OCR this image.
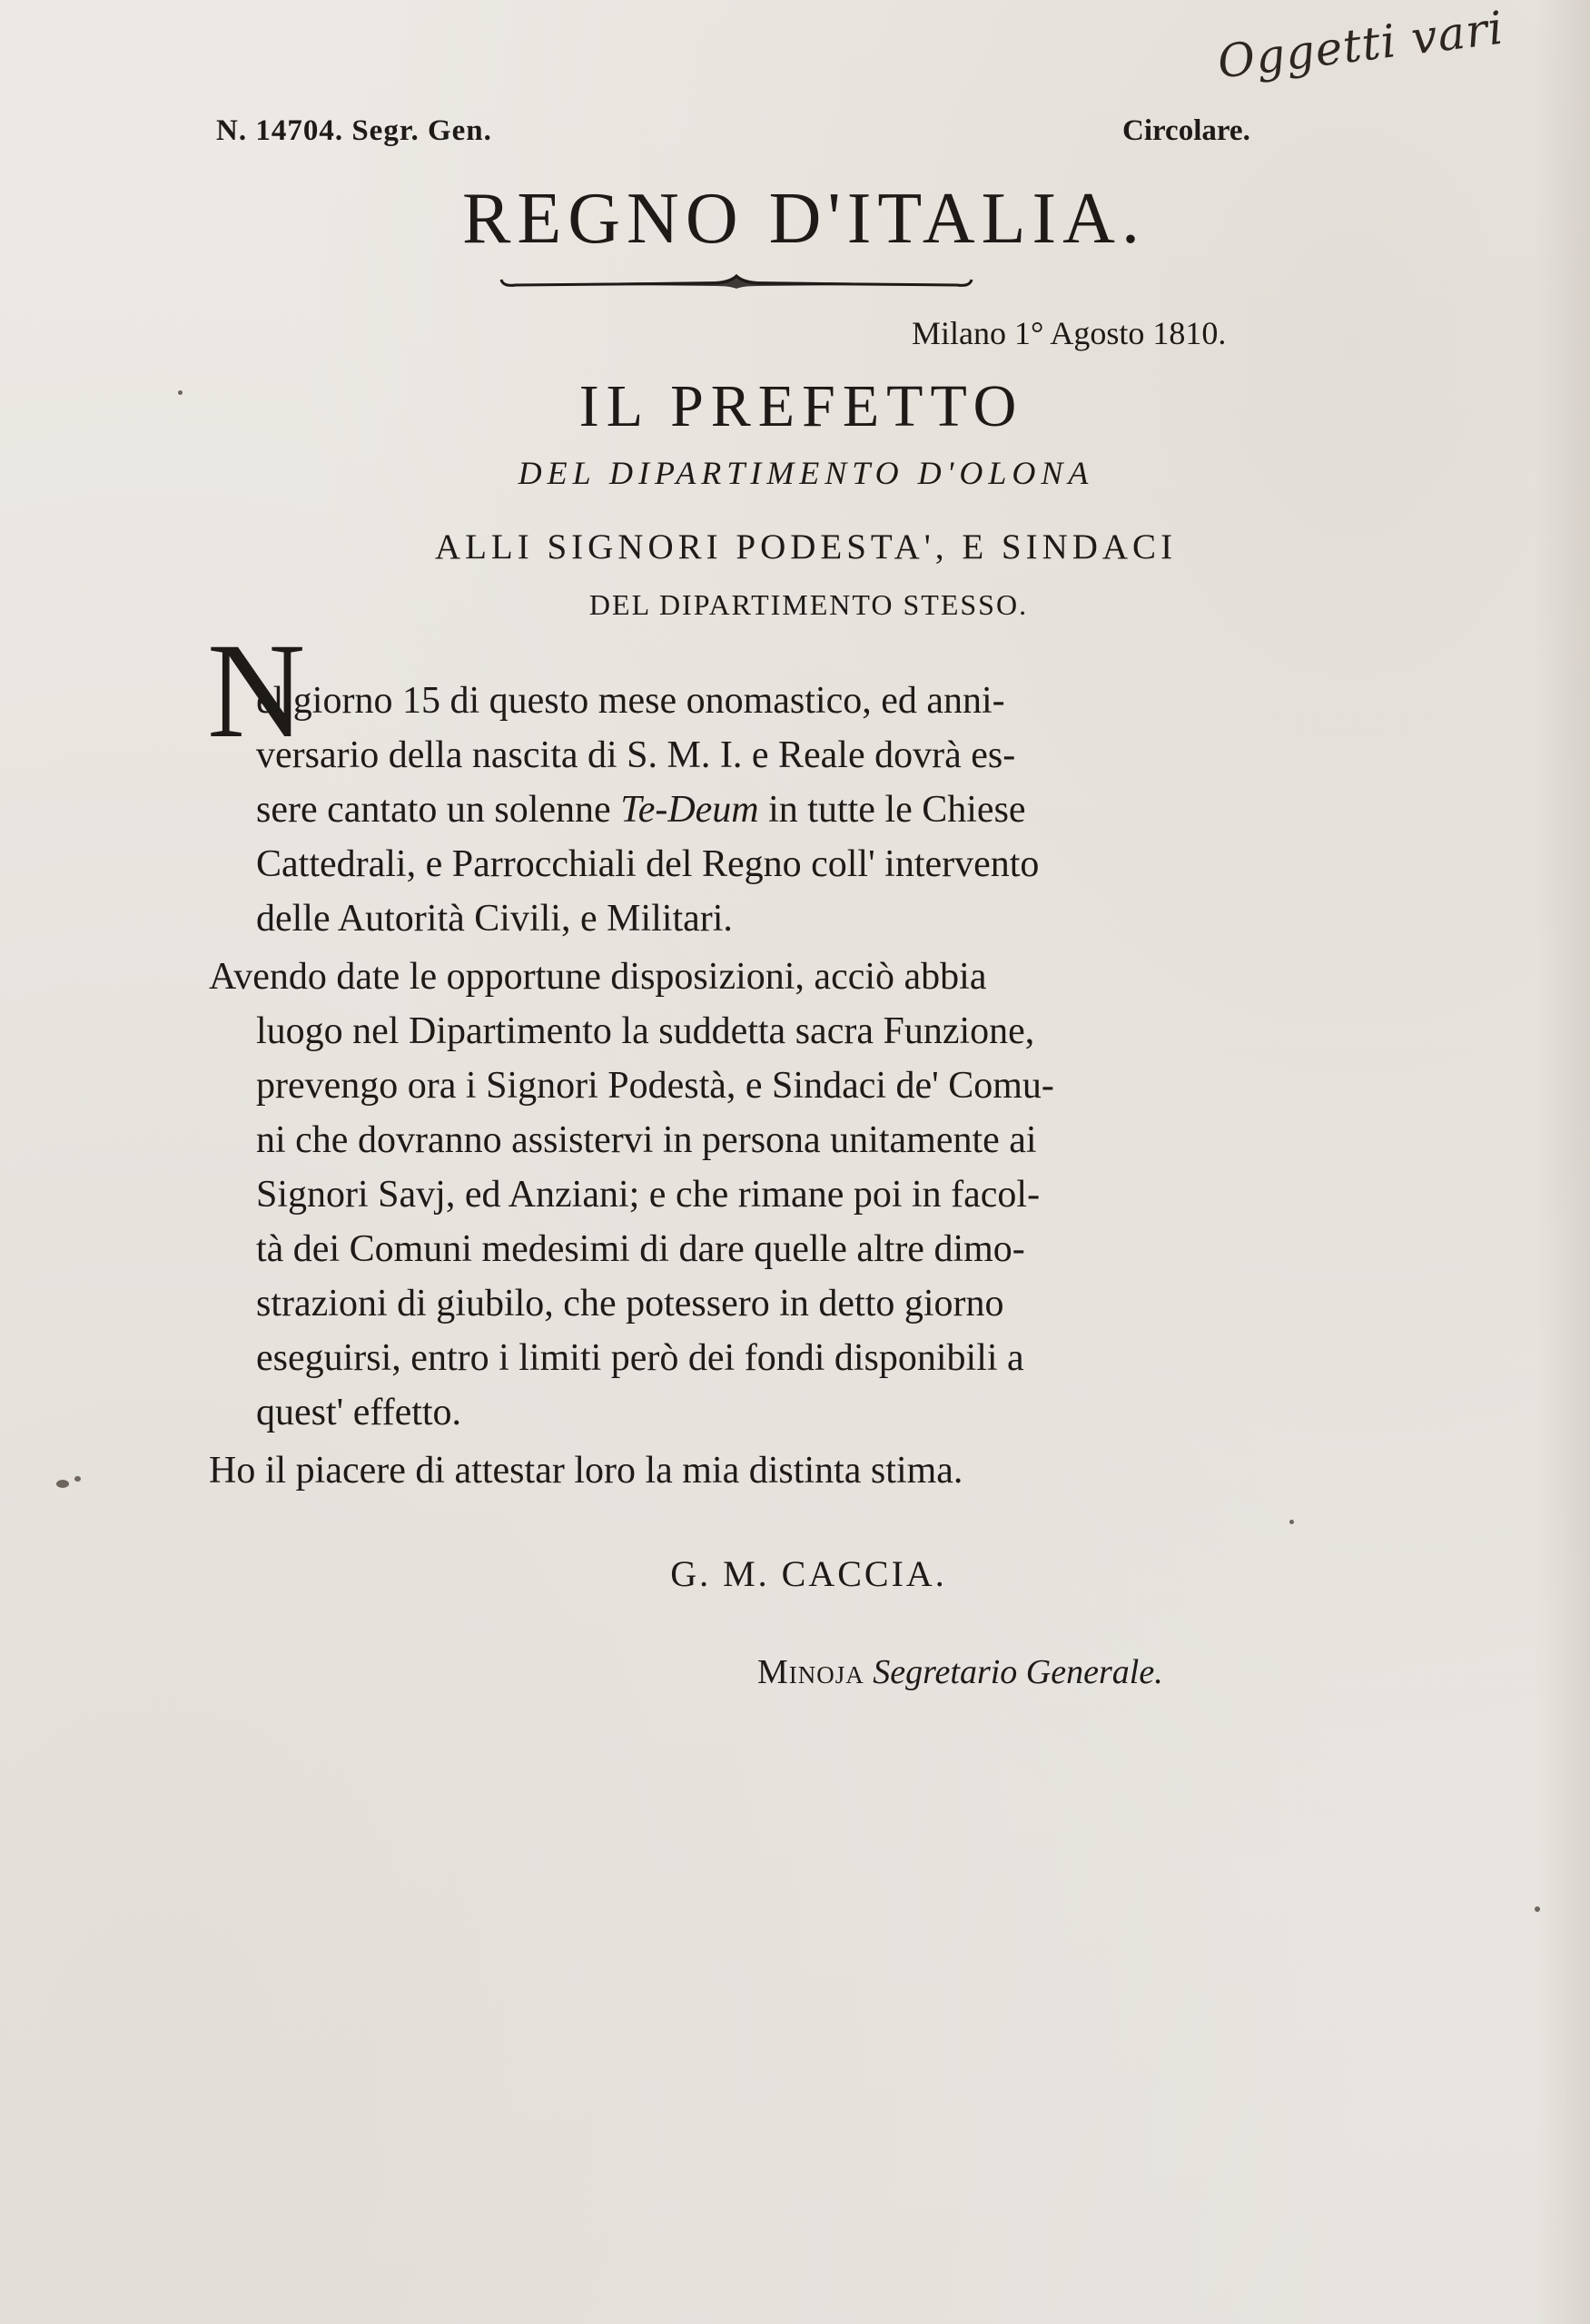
Oggetti vari
N. 14704. Segr. Gen.	Circolare.
REGNO D'ITALIA.
Milano 1° Agosto 1810.
IL PREFETTO
DEL DIPARTIMENTO D'OLONA
ALLI SIGNORI PODESTA', E SINDACI
DEL DIPARTIMENTO STESSO.
N
el giorno 15 di questo mese onomastico, ed anni-
versario della nascita di S. M. I. e Reale dovrà es-
sere cantato un solenne Te-Deum in tutte le Chiese
Cattedrali, e Parrocchiali del Regno coll' intervento
delle Autorità Civili, e Militari.
Avendo date le opportune disposizioni, acciò abbia
luogo nel Dipartimento la suddetta sacra Funzione,
prevengo ora i Signori Podestà, e Sindaci de' Comu-
ni che dovranno assistervi in persona unitamente ai
Signori Savj, ed Anziani; e che rimane poi in facol-
tà dei Comuni medesimi di dare quelle altre dimo-
strazioni di giubilo, che potessero in detto giorno
eseguirsi, entro i limiti però dei fondi disponibili a
quest' effetto.
Ho il piacere di attestar loro la mia distinta stima.
G. M. CACCIA.
Minoja Segretario Generale.
